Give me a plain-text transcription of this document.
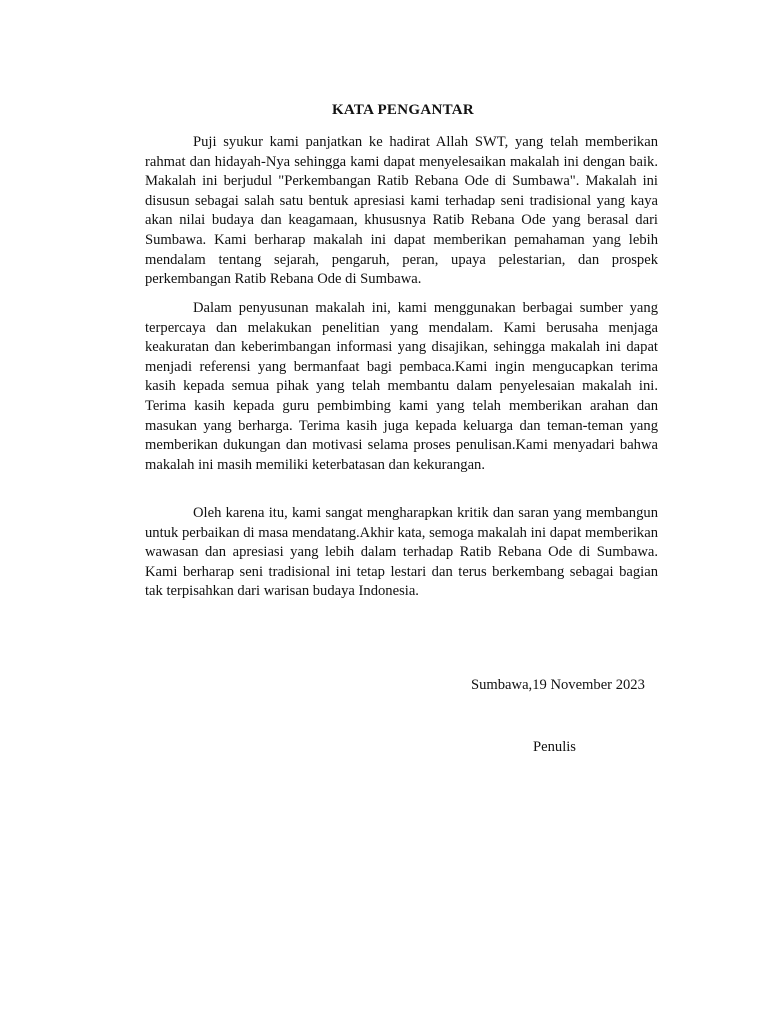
KATA PENGANTAR

Puji syukur kami panjatkan ke hadirat Allah SWT, yang telah memberikan rahmat dan hidayah-Nya sehingga kami dapat menyelesaikan makalah ini dengan baik. Makalah ini berjudul "Perkembangan Ratib Rebana Ode di Sumbawa". Makalah ini disusun sebagai salah satu bentuk apresiasi kami terhadap seni tradisional yang kaya akan nilai budaya dan keagamaan, khususnya Ratib Rebana Ode yang berasal dari Sumbawa. Kami berharap makalah ini dapat memberikan pemahaman yang lebih mendalam tentang sejarah, pengaruh, peran, upaya pelestarian, dan prospek perkembangan Ratib Rebana Ode di Sumbawa.

Dalam penyusunan makalah ini, kami menggunakan berbagai sumber yang terpercaya dan melakukan penelitian yang mendalam. Kami berusaha menjaga keakuratan dan keberimbangan informasi yang disajikan, sehingga makalah ini dapat menjadi referensi yang bermanfaat bagi pembaca.Kami ingin mengucapkan terima kasih kepada semua pihak yang telah membantu dalam penyelesaian makalah ini. Terima kasih kepada guru pembimbing kami yang telah memberikan arahan dan masukan yang berharga. Terima kasih juga kepada keluarga dan teman-teman yang memberikan dukungan dan motivasi selama proses penulisan.Kami menyadari bahwa makalah ini masih memiliki keterbatasan dan kekurangan.

Oleh karena itu, kami sangat mengharapkan kritik dan saran yang membangun untuk perbaikan di masa mendatang.Akhir kata, semoga makalah ini dapat memberikan wawasan dan apresiasi yang lebih dalam terhadap Ratib Rebana Ode di Sumbawa. Kami berharap seni tradisional ini tetap lestari dan terus berkembang sebagai bagian tak terpisahkan dari warisan budaya Indonesia.

Sumbawa,19 November 2023

Penulis
